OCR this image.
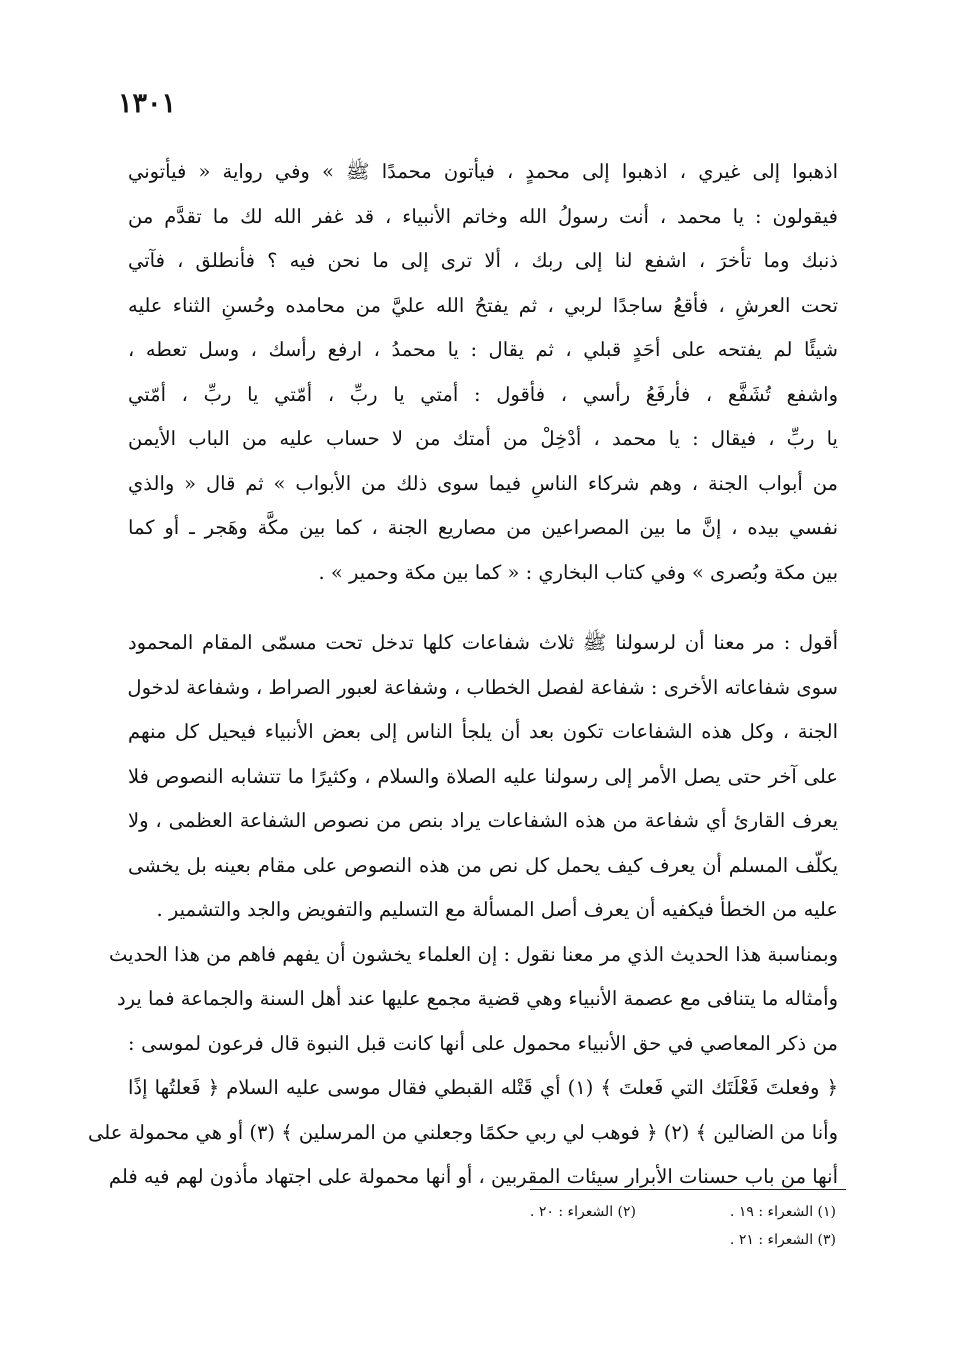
١٣٠١
اذهبوا إلى غيري ، اذهبوا إلى محمدٍ ، فيأتون محمدًا ﷺ » وفي رواية « فيأتوني
فيقولون : يا محمد ، أنت رسولُ الله وخاتم الأنبياء ، قد غفر الله لك ما تقدَّم من
ذنبك وما تأخرَ ، اشفع لنا إلى ربك ، ألا ترى إلى ما نحن فيه ؟ فأنطلق ، فآتي
تحت العرشِ ، فأقعُ ساجدًا لربي ، ثم يفتحُ الله عليَّ من محامده وحُسنِ الثناء عليه
شيئًا لم يفتحه على أحَدٍ قبلي ، ثم يقال : يا محمدُ ، ارفع رأسك ، وسل تعطه ،
واشفع تُشَفَّع ، فأرفَعُ رأسي ، فأقول : أمتي يا ربِّ ، أمّتي يا ربِّ ، أمّتي
يا ربِّ ، فيقال : يا محمد ، أدْخِلْ من أمتك من لا حساب عليه من الباب الأيمن
من أبواب الجنة ، وهم شركاء الناسِ فيما سوى ذلك من الأبواب » ثم قال « والذي
نفسي بيده ، إنَّ ما بين المصراعين من مصاريع الجنة ، كما بين مكَّة وهَجر ـ أو كما
بين مكة وبُصرى » وفي كتاب البخاري : « كما بين مكة وحمير » .
أقول : مر معنا أن لرسولنا ﷺ ثلاث شفاعات كلها تدخل تحت مسمّى المقام المحمود
سوى شفاعاته الأخرى : شفاعة لفصل الخطاب ، وشفاعة لعبور الصراط ، وشفاعة لدخول
الجنة ، وكل هذه الشفاعات تكون بعد أن يلجأ الناس إلى بعض الأنبياء فيحيل كل منهم
على آخر حتى يصل الأمر إلى رسولنا عليه الصلاة والسلام ، وكثيرًا ما تتشابه النصوص فلا
يعرف القارئ أي شفاعة من هذه الشفاعات يراد بنص من نصوص الشفاعة العظمى ، ولا
يكلّف المسلم أن يعرف كيف يحمل كل نص من هذه النصوص على مقام بعينه بل يخشى
عليه من الخطأ فيكفيه أن يعرف أصل المسألة مع التسليم والتفويض والجد والتشمير .
وبمناسبة هذا الحديث الذي مر معنا نقول : إن العلماء يخشون أن يفهم فاهم من هذا الحديث
وأمثاله ما يتنافى مع عصمة الأنبياء وهي قضية مجمع عليها عند أهل السنة والجماعة فما يرد
من ذكر المعاصي في حق الأنبياء محمول على أنها كانت قبل النبوة قال فرعون لموسى :
﴿ وفعلتَ فَعْلَتَك التي فَعلتَ ﴾ (١) أي قَتْله القبطي فقال موسى عليه السلام ﴿ فَعلتُها إذًا
وأنا من الضالين ﴾ (٢) ﴿ فوهب لي ربي حكمًا وجعلني من المرسلين ﴾ (٣) أو هي محمولة على
أنها من باب حسنات الأبرار سيئات المقربين ، أو أنها محمولة على اجتهاد مأذون لهم فيه فلم
(١) الشعراء : ١٩ .
(٢) الشعراء : ٢٠ .
(٣) الشعراء : ٢١ .
